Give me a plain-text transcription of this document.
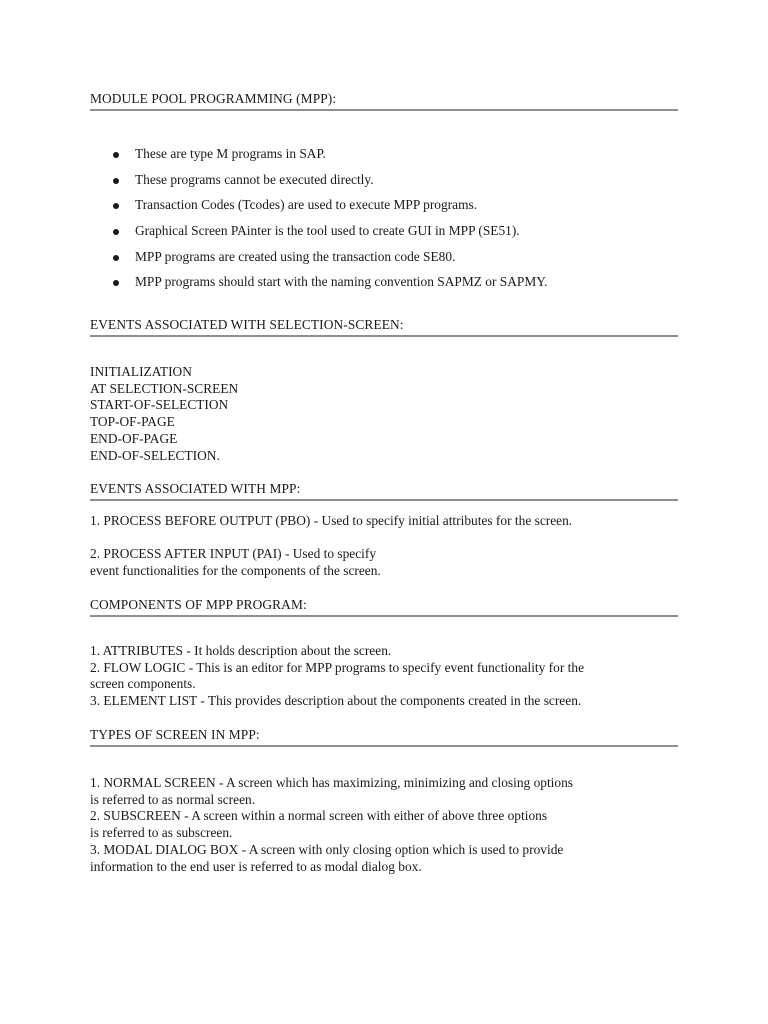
MODULE POOL PROGRAMMING (MPP):
These are type M programs in SAP.
These programs cannot be executed directly.
Transaction Codes (Tcodes) are used to execute MPP programs.
Graphical Screen PAinter is the tool used to create GUI in MPP (SE51).
MPP programs are created using the transaction code SE80.
MPP programs should start with the naming convention SAPMZ or SAPMY.
EVENTS ASSOCIATED WITH SELECTION-SCREEN:
INITIALIZATION
AT SELECTION-SCREEN
START-OF-SELECTION
TOP-OF-PAGE
END-OF-PAGE
END-OF-SELECTION.
EVENTS ASSOCIATED WITH MPP:
1. PROCESS BEFORE OUTPUT (PBO) - Used to specify initial attributes for the screen.
2. PROCESS AFTER INPUT (PAI) - Used to specify
event functionalities for the components of the screen.
COMPONENTS OF MPP PROGRAM:
1. ATTRIBUTES - It holds description about the screen.
2. FLOW LOGIC - This is an editor for MPP programs to specify event functionality for the
screen components.
3. ELEMENT LIST - This provides description about the components created in the screen.
TYPES OF SCREEN IN MPP:
1. NORMAL SCREEN - A screen which has maximizing, minimizing and closing options
is referred to as normal screen.
2. SUBSCREEN - A screen within a normal screen with either of above three options
is referred to as subscreen.
3. MODAL DIALOG BOX - A screen with only closing option which is used to provide
information to the end user is referred to as modal dialog box.
